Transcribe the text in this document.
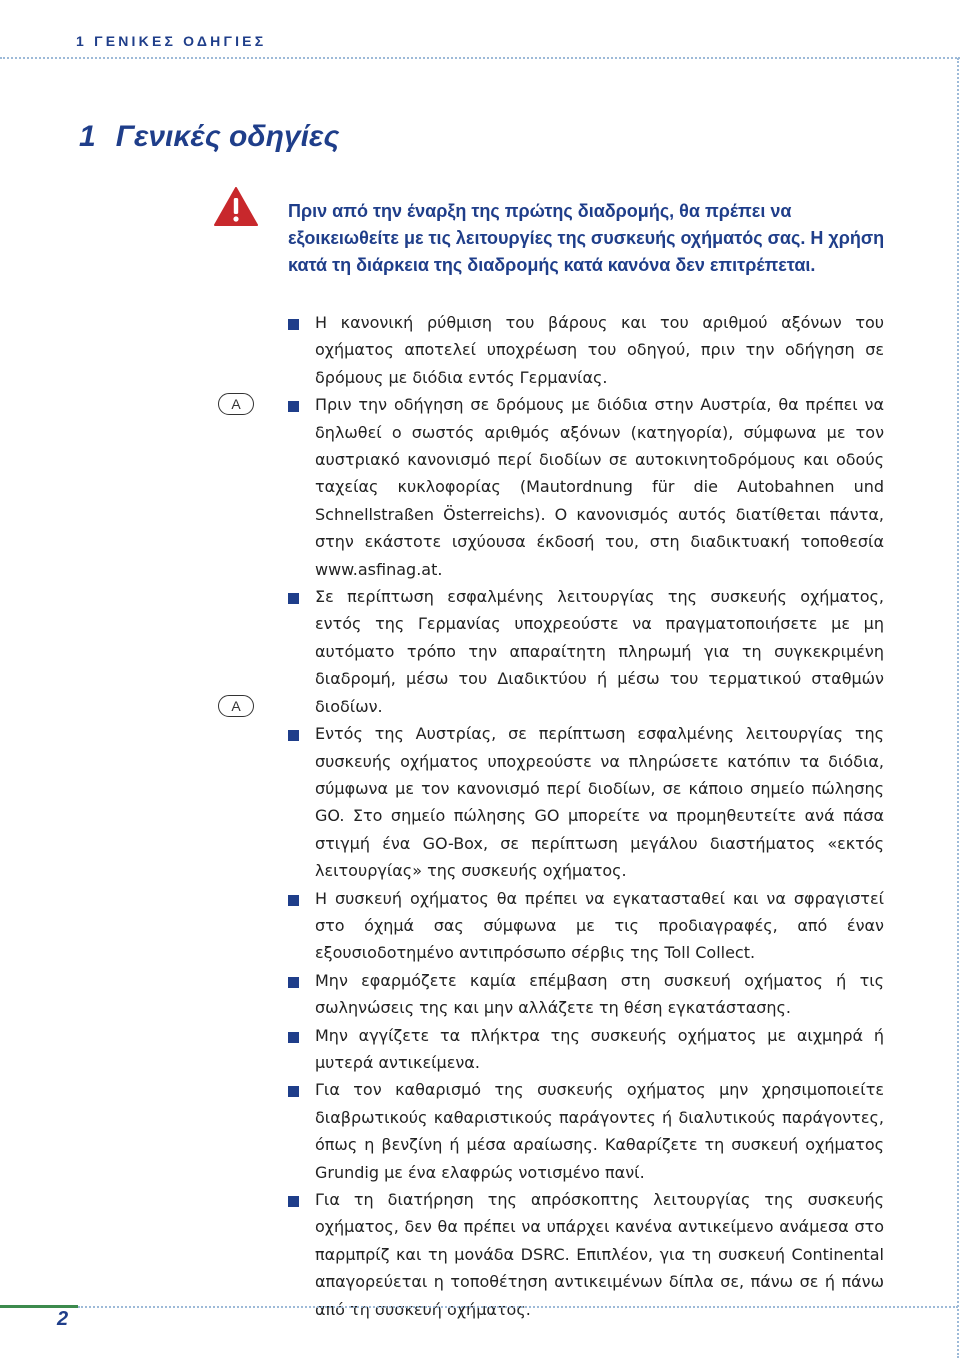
1 ΓΕΝΙΚΕΣ ΟΔΗΓΙΕΣ
1 Γενικές οδηγίες

Πριν από την έναρξη της πρώτης διαδρομής, θα πρέπει να εξοικειωθείτε με τις λειτουργίες της συσκευής οχήματός σας. Η χρήση κατά τη διάρκεια της διαδρομής κατά κανόνα δεν επιτρέπεται.

A
A
Η κανονική ρύθμιση του βάρους και του αριθμού αξόνων του οχήματος αποτελεί υποχρέωση του οδηγού, πριν την οδήγηση σε δρόμους με διόδια εντός Γερμανίας.
Πριν την οδήγηση σε δρόμους με διόδια στην Αυστρία, θα πρέπει να δηλωθεί ο σωστός αριθμός αξόνων (κατηγορία), σύμφωνα με τον αυστριακό κανονισμό περί διοδίων σε αυτοκινητοδρόμους και οδούς ταχείας κυκλοφορίας (Mautordnung für die Autobahnen und Schnellstraßen Österreichs). Ο κανονισμός αυτός διατίθεται πάντα, στην εκάστοτε ισχύουσα έκδοσή του, στη διαδικτυακή τοποθεσία www.asfinag.at.
Σε περίπτωση εσφαλμένης λειτουργίας της συσκευής οχήματος, εντός της Γερμανίας υποχρεούστε να πραγματοποιήσετε με μη αυτόματο τρόπο την απαραίτητη πληρωμή για τη συγκεκριμένη διαδρομή, μέσω του Διαδικτύου ή μέσω του τερματικού σταθμών διοδίων.
Εντός της Αυστρίας, σε περίπτωση εσφαλμένης λειτουργίας της συσκευής οχήματος υποχρεούστε να πληρώσετε κατόπιν τα διόδια, σύμφωνα με τον κανονισμό περί διοδίων, σε κάποιο σημείο πώλησης GO. Στο σημείο πώλησης GO μπορείτε να προμηθευτείτε ανά πάσα στιγμή ένα GO-Box, σε περίπτωση μεγάλου διαστήματος «εκτός λειτουργίας» της συσκευής οχήματος.
Η συσκευή οχήματος θα πρέπει να εγκατασταθεί και να σφραγιστεί στο όχημά σας σύμφωνα με τις προδιαγραφές, από έναν εξουσιοδοτημένο αντιπρόσωπο σέρβις της Toll Collect.
Μην εφαρμόζετε καμία επέμβαση στη συσκευή οχήματος ή τις σωληνώσεις της και μην αλλάζετε τη θέση εγκατάστασης.
Μην αγγίζετε τα πλήκτρα της συσκευής οχήματος με αιχμηρά ή μυτερά αντικείμενα.
Για τον καθαρισμό της συσκευής οχήματος μην χρησιμοποιείτε διαβρωτικούς καθαριστικούς παράγοντες ή διαλυτικούς παράγοντες, όπως η βενζίνη ή μέσα αραίωσης. Καθαρίζετε τη συσκευή οχήματος Grundig με ένα ελαφρώς νοτισμένο πανί.
Για τη διατήρηση της απρόσκοπτης λειτουργίας της συσκευής οχήματος, δεν θα πρέπει να υπάρχει κανένα αντικείμενο ανάμεσα στο παρμπρίζ και τη μονάδα DSRC. Επιπλέον, για τη συσκευή Continental απαγορεύεται η τοποθέτηση αντικειμένων δίπλα σε, πάνω σε ή πάνω από τη συσκευή οχήματος.
2
